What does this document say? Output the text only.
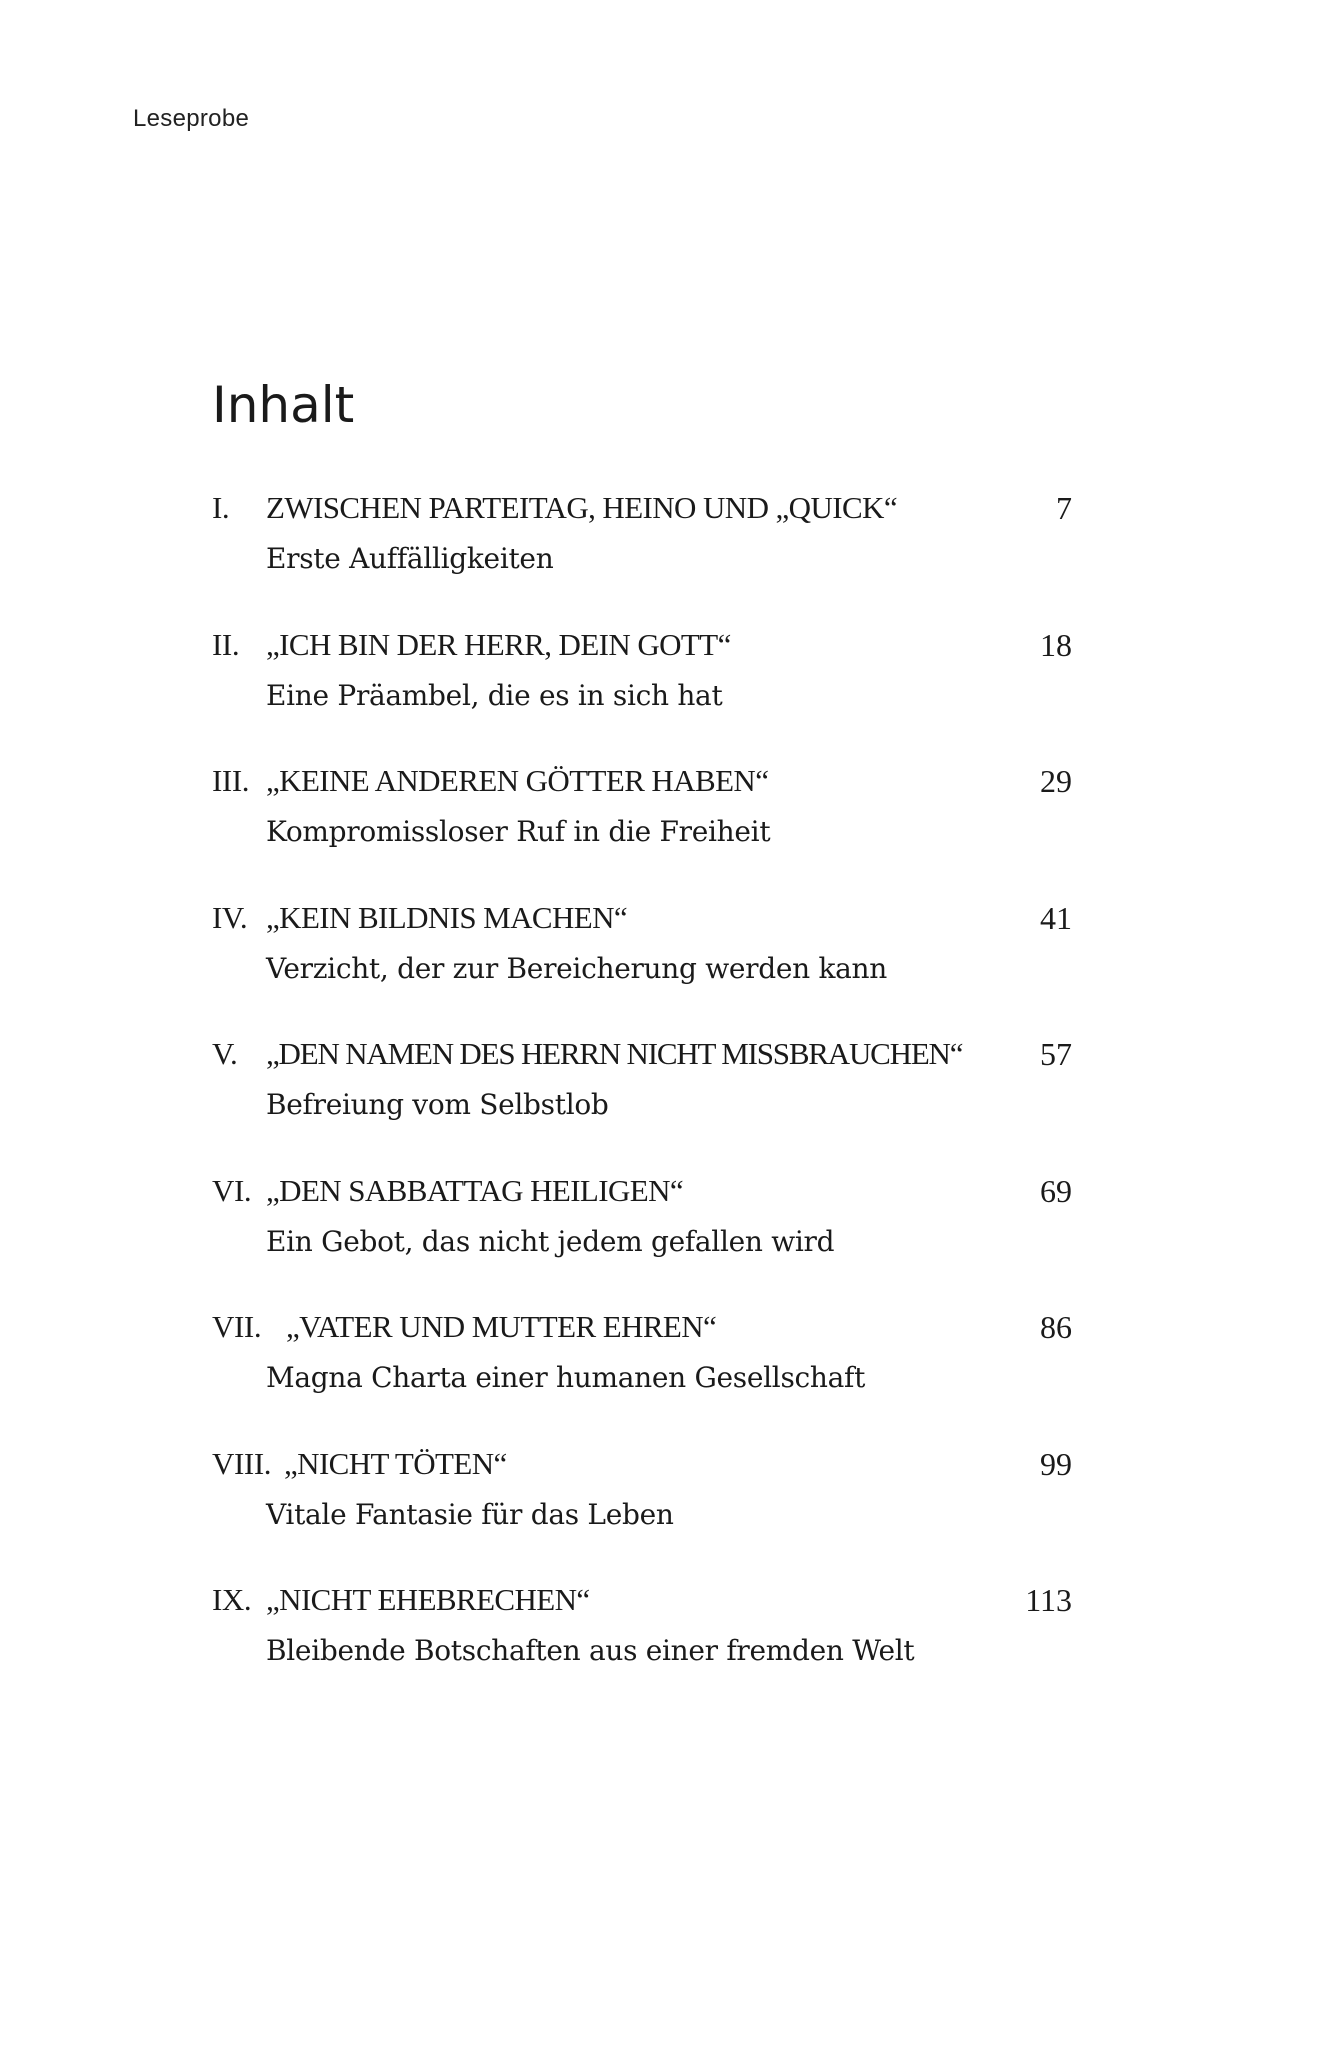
Leseprobe
Inhalt
I.	ZWISCHEN PARTEITAG, HEINO UND „QUICK“	7
Erste Auffälligkeiten
II. „ICH BIN DER HERR, DEIN GOTT“	18
Eine Präambel, die es in sich hat
III. „KEINE ANDEREN GÖTTER HABEN“	29
Kompromissloser Ruf in die Freiheit
IV. „KEIN BILDNIS MACHEN“	41
Verzicht, der zur Bereicherung werden kann
V. „DEN NAMEN DES HERRN NICHT MISSBRAUCHEN“ 57
Befreiung vom Selbstlob
VI. „DEN SABBATTAG HEILIGEN“	69
Ein Gebot, das nicht jedem gefallen wird
VII. „VATER UND MUTTER EHREN“	86
Magna Charta einer humanen Gesellschaft
VIII. „NICHT TÖTEN“	99
Vitale Fantasie für das Leben
IX. „NICHT EHEBRECHEN“	113
Bleibende Botschaften aus einer fremden Welt
